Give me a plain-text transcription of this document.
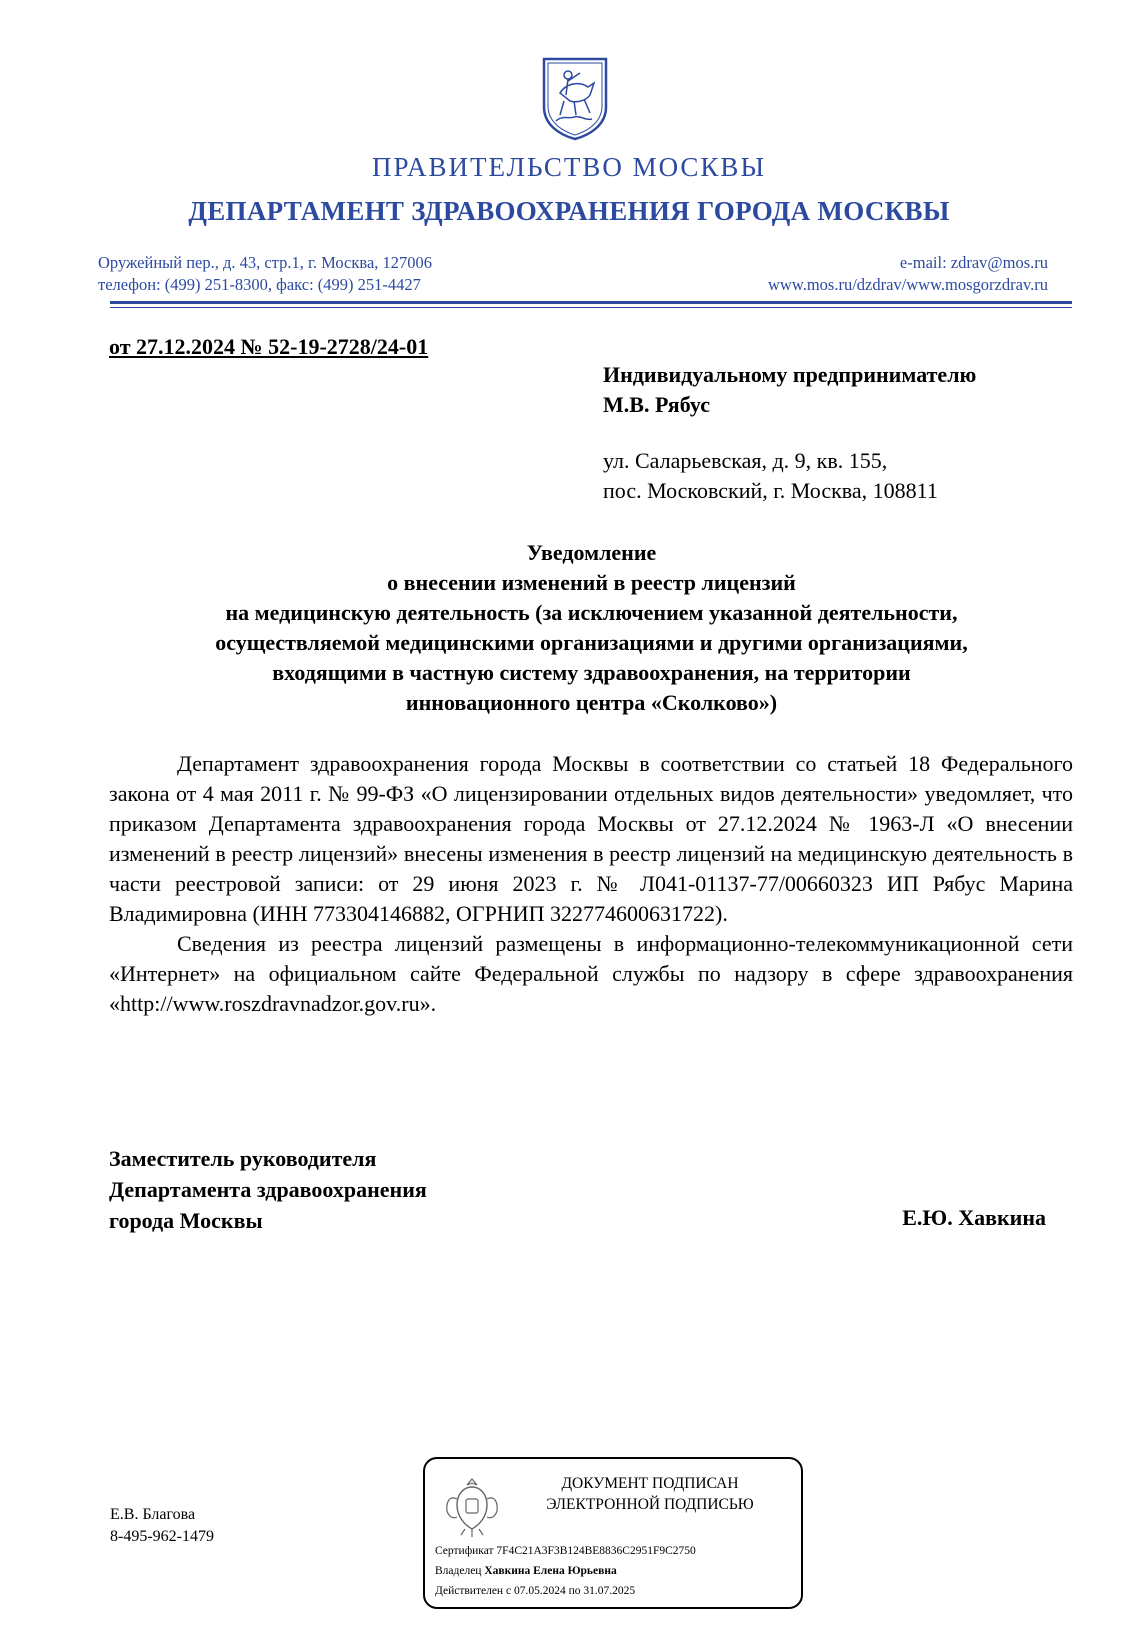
ПРАВИТЕЛЬСТВО МОСКВЫ
ДЕПАРТАМЕНТ ЗДРАВООХРАНЕНИЯ ГОРОДА МОСКВЫ
Оружейный пер., д. 43, стр.1, г. Москва, 127006
телефон: (499) 251-8300, факс: (499) 251-4427
e-mail: zdrav@mos.ru
www.mos.ru/dzdrav/www.mosgorzdrav.ru
от 27.12.2024 № 52-19-2728/24-01
Индивидуальному предпринимателю
М.В. Рябус
ул. Саларьевская, д. 9, кв. 155,
пос. Московский, г. Москва, 108811
Уведомление
о внесении изменений в реестр лицензий
на медицинскую деятельность (за исключением указанной деятельности,
осуществляемой медицинскими организациями и другими организациями,
входящими в частную систему здравоохранения, на территории
инновационного центра «Сколково»)

Департамент здравоохранения города Москвы в соответствии со статьей 18 Федерального закона от 4 мая 2011 г. № 99-ФЗ «О лицензировании отдельных видов деятельности» уведомляет, что приказом Департамента здравоохранения города Москвы от 27.12.2024 № 1963-Л «О внесении изменений в реестр лицензий» внесены изменения в реестр лицензий на медицинскую деятельность в части реестровой записи: от 29 июня 2023 г. № Л041-01137-77/00660323 ИП Рябус Марина Владимировна (ИНН 773304146882, ОГРНИП 322774600631722).

Сведения из реестра лицензий размещены в информационно-телекоммуникационной сети «Интернет» на официальном сайте Федеральной службы по надзору в сфере здравоохранения «http://www.roszdravnadzor.gov.ru».

Заместитель руководителя
Департамента здравоохранения
города Москвы	Е.Ю. Хавкина
Е.В. Благова
8-495-962-1479
ДОКУМЕНТ ПОДПИСАН
ЭЛЕКТРОННОЙ ПОДПИСЬЮ
Сертификат 7F4C21A3F3B124BE8836C2951F9C2750
Владелец Хавкина Елена Юрьевна
Действителен с 07.05.2024 по 31.07.2025
